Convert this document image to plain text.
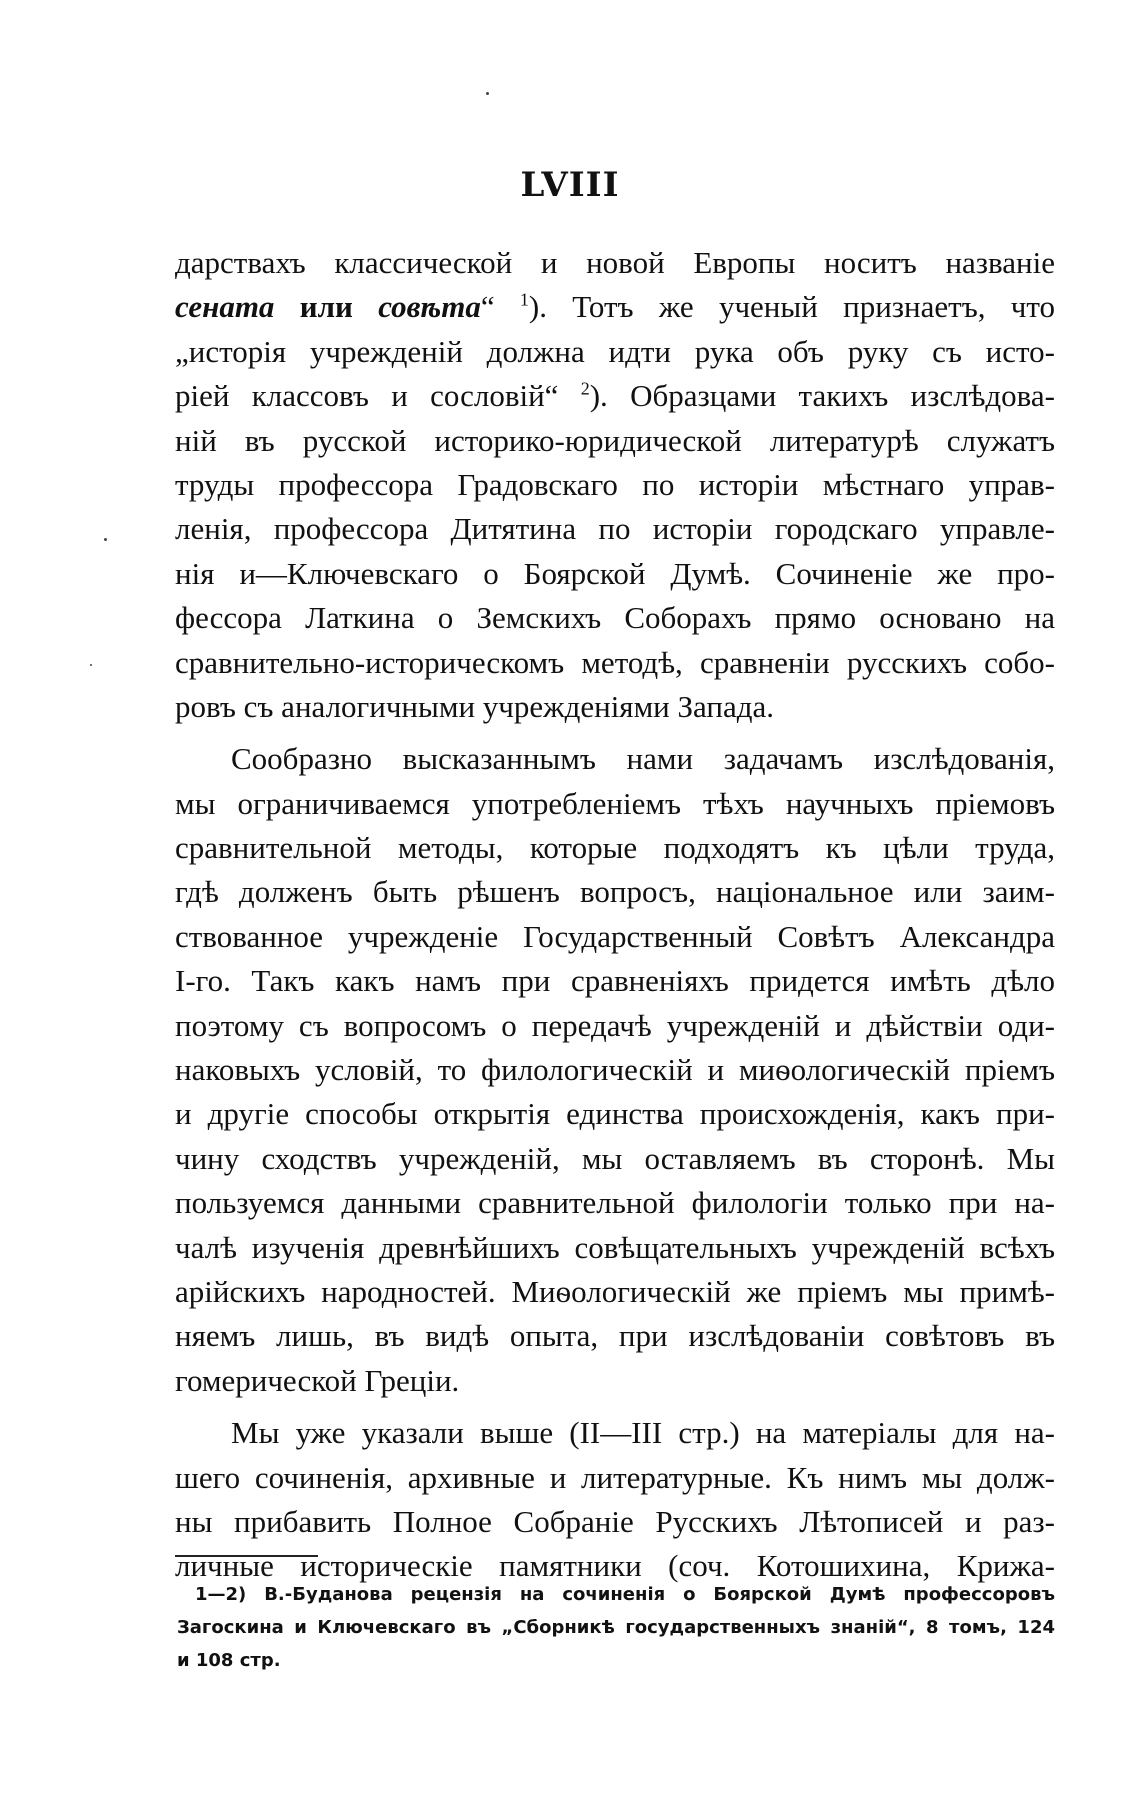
LVIII
дарствахъ классической и новой Европы носитъ названіе
сената или совѣта“ $^1$). Тотъ же ученый признаетъ, что
„исторія учрежденій должна идти рука объ руку съ исто-
ріей классовъ и сословій“ $^2$). Образцами такихъ изслѣдова-
ній въ русской историко-юридической литературѣ служатъ
труды профессора Градовскаго по исторіи мѣстнаго управ-
ленія, профессора Дитятина по исторіи городскаго управле-
нія и—Ключевскаго о Боярской Думѣ. Сочиненіе же про-
фессора Латкина о Земскихъ Соборахъ прямо основано на
сравнительно-историческомъ методѣ, сравненіи русскихъ собо-
ровъ съ аналогичными учрежденіями Запада.
Сообразно высказаннымъ нами задачамъ изслѣдованія,
мы ограничиваемся употребленіемъ тѣхъ научныхъ пріемовъ
сравнительной методы, которые подходятъ къ цѣли труда,
гдѣ долженъ быть рѣшенъ вопросъ, національное или заим-
ствованное учрежденіе Государственный Совѣтъ Александра
I-го. Такъ какъ намъ при сравненіяхъ придется имѣть дѣло
поэтому съ вопросомъ о передачѣ учрежденій и дѣйствіи оди-
наковыхъ условій, то филологическій и миѳологическій пріемъ
и другіе способы открытія единства происхожденія, какъ при-
чину сходствъ учрежденій, мы оставляемъ въ сторонѣ. Мы
пользуемся данными сравнительной филологіи только при на-
чалѣ изученія древнѣйшихъ совѣщательныхъ учрежденій всѣхъ
арійскихъ народностей. Миѳологическій же пріемъ мы примѣ-
няемъ лишь, въ видѣ опыта, при изслѣдованіи совѣтовъ въ
гомерической Греціи.
Мы уже указали выше (II—III стр.) на матеріалы для на-
шего сочиненія, архивные и литературные. Къ нимъ мы долж-
ны прибавить Полное Собраніе Русскихъ Лѣтописей и раз-
личные историческіе памятники (соч. Котошихина, Крижа-
1—2) В.-Буданова рецензія на сочиненія о Боярской Думѣ профессоровъ
Загоскина и Ключевскаго въ „Сборникѣ государственныхъ знаній“, 8 томъ, 124
и 108 стр.
